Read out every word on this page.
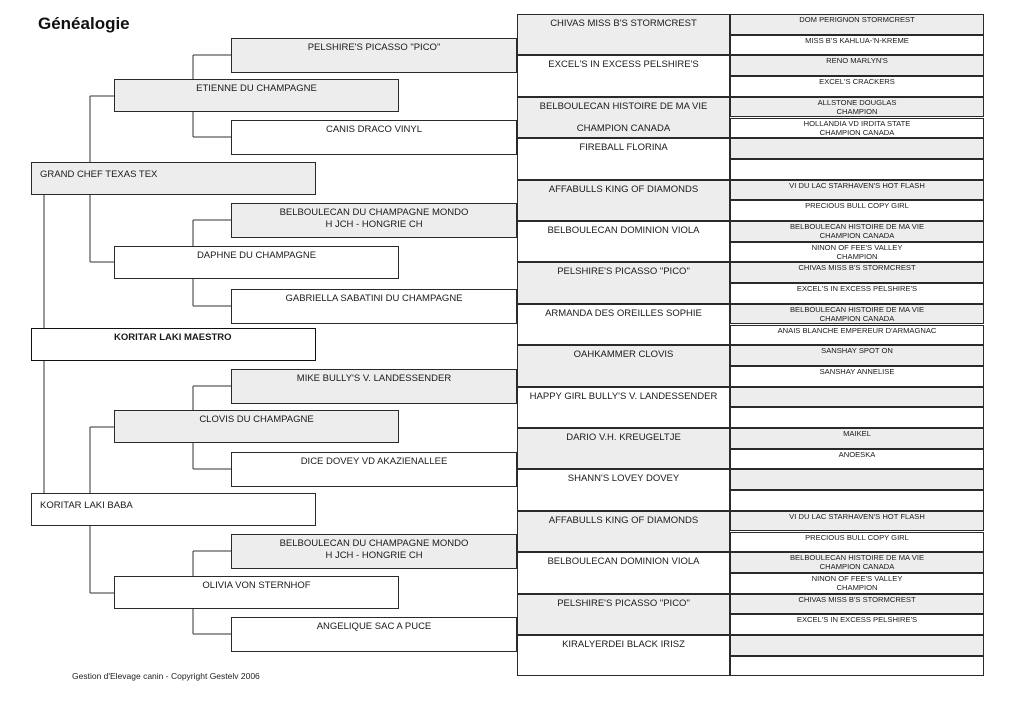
Généalogie
KORITAR LAKI MAESTRO
GRAND CHEF TEXAS TEX
KORITAR LAKI BABA
ETIENNE DU CHAMPAGNE
DAPHNE DU CHAMPAGNE
CLOVIS DU CHAMPAGNE
OLIVIA VON STERNHOF
PELSHIRE'S PICASSO "PICO"
CANIS DRACO VINYL
BELBOULECAN DU CHAMPAGNE MONDO
H JCH - HONGRIE CH
GABRIELLA SABATINI DU CHAMPAGNE
MIKE BULLY'S V. LANDESSENDER
DICE DOVEY VD AKAZIENALLEE
BELBOULECAN DU CHAMPAGNE MONDO
H JCH - HONGRIE CH
ANGELIQUE SAC A PUCE
CHIVAS MISS B'S STORMCREST
EXCEL'S IN EXCESS PELSHIRE'S
BELBOULECAN HISTOIRE DE MA VIE
CHAMPION CANADA
FIREBALL FLORINA
AFFABULLS KING OF DIAMONDS
BELBOULECAN DOMINION VIOLA
PELSHIRE'S PICASSO "PICO"
ARMANDA DES OREILLES SOPHIE
OAHKAMMER CLOVIS
HAPPY GIRL BULLY'S V. LANDESSENDER
DARIO V.H. KREUGELTJE
SHANN'S LOVEY DOVEY
AFFABULLS KING OF DIAMONDS
BELBOULECAN DOMINION VIOLA
PELSHIRE'S PICASSO "PICO"
KIRALYERDEI BLACK IRISZ
DOM PERIGNON STORMCREST
MISS B'S KAHLUA-'N-KREME
RENO MARLYN'S
EXCEL'S CRACKERS
ALLSTONE DOUGLAS
CHAMPION
HOLLANDIA VD IRDITA STATE
CHAMPION CANADA
VI DU LAC STARHAVEN'S HOT FLASH
PRECIOUS BULL COPY GIRL
BELBOULECAN HISTOIRE DE MA VIE
CHAMPION CANADA
NINON OF FEE'S VALLEY
CHAMPION
CHIVAS MISS B'S STORMCREST
EXCEL'S IN EXCESS PELSHIRE'S
BELBOULECAN HISTOIRE DE MA VIE
CHAMPION CANADA
ANAIS BLANCHE EMPEREUR D'ARMAGNAC
SANSHAY SPOT ON
SANSHAY ANNELISE
MAIKEL
ANOESKA
VI DU LAC STARHAVEN'S HOT FLASH
PRECIOUS BULL COPY GIRL
BELBOULECAN HISTOIRE DE MA VIE
CHAMPION CANADA
NINON OF FEE'S VALLEY
CHAMPION
CHIVAS MISS B'S STORMCREST
EXCEL'S IN EXCESS PELSHIRE'S
Gestion d'Elevage canin - Copyright Gestelv 2006
